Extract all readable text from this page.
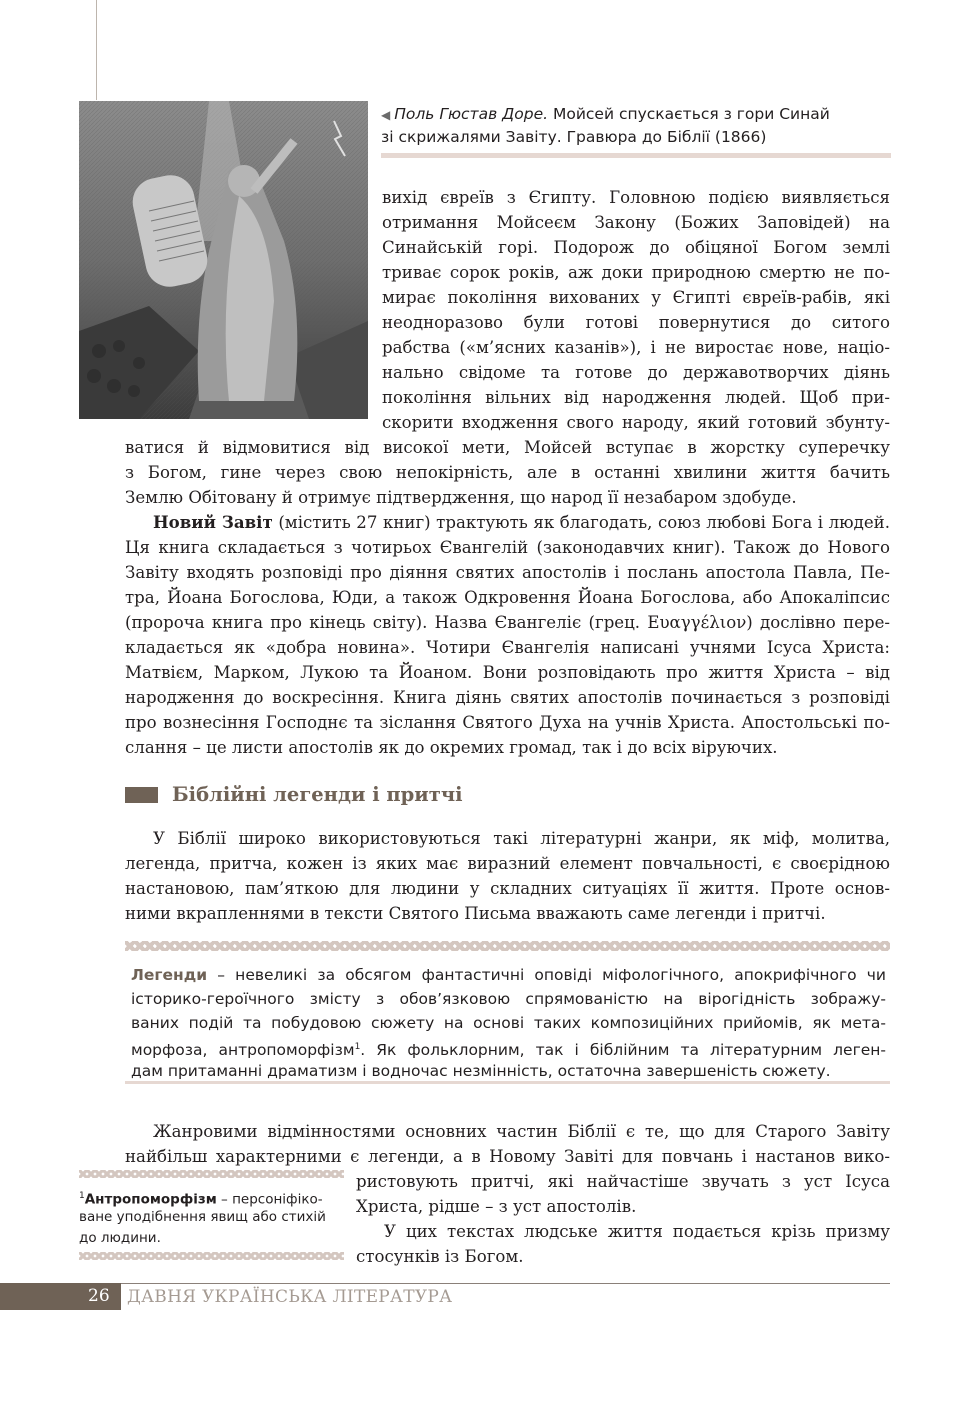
◀ Поль Гюстав Доре. Мойсей спускається з гори Синай
зі скрижалями Завіту. Гравюра до Біблії (1866)
вихід євреїв з Єгипту. Головною подією виявляється
отримання Мойсеєм Закону (Божих Заповідей) на
Синайській горі. Подорож до обіцяної Богом землі
триває сорок років, аж доки природною смертю не по-
мирає покоління вихованих у Єгипті євреїв-рабів, які
неодноразово були готові повернутися до ситого
рабства («м’ясних казанів»), і не виростає нове, націо-
нально свідоме та готове до державотворчих діянь
покоління вільних від народження людей. Щоб при-
скорити входження свого народу, який готовий збунту-
ватися й відмовитися від високої мети, Мойсей вступає в жорстку суперечку
з Богом, гине через свою непокірність, але в останні хвилини життя бачить
Землю Обітовану й отримує підтвердження, що народ її незабаром здобуде.
Новий Завіт (містить 27 книг) трактують як благодать, союз любові Бога і людей.
Ця книга складається з чотирьох Євангелій (законодавчих книг). Також до Нового
Завіту входять розповіді про діяння святих апостолів і послань апостола Павла, Пе-
тра, Йоана Богослова, Юди, а також Одкровення Йоана Богослова, або Апокаліпсис
(пророча книга про кінець світу). Назва Євангеліє (грец. Ευαγγέλιον) дослівно пере-
кладається як «добра новина». Чотири Євангелія написані учнями Ісуса Христа:
Матвієм, Марком, Лукою та Йоаном. Вони розповідають про життя Христа – від
народження до воскресіння. Книга діянь святих апостолів починається з розповіді
про вознесіння Господнє та зіслання Святого Духа на учнів Христа. Апостольські по-
слання – це листи апостолів як до окремих громад, так і до всіх віруючих.
Біблійні легенди і притчі
У Біблії широко використовуються такі літературні жанри, як міф, молитва,
легенда, притча, кожен із яких має виразний елемент повчальності, є своєрідною
настановою, пам’яткою для людини у складних ситуаціях її життя. Проте основ-
ними вкрапленнями в тексти Святого Письма вважають саме легенди і притчі.
Легенди – невеликі за обсягом фантастичні оповіді міфологічного, апокрифічного чи
історико-героїчного змісту з обов’язковою спрямованістю на вірогідність зображу-
ваних подій та побудовою сюжету на основі таких композиційних прийомів, як мета-
морфоза, антропоморфізм$^1$. Як фольклорним, так і біблійним та літературним леген-
дам притаманні драматизм і водночас незмінність, остаточна завершеність сюжету.
Жанровими відмінностями основних частин Біблії є те, що для Старого Завіту
найбільш характерними є легенди, а в Новому Завіті для повчань і настанов вико-
ристовують притчі, які найчастіше звучать з уст Ісуса
Христа, рідше – з уст апостолів.
У цих текстах людське життя подається крізь призму
стосунків із Богом.
$^1$Антропоморфізм – персоніфіко-
ване уподібнення явищ або стихій
до людини.
26 ДАВНЯ УКРАЇНСЬКА ЛІТЕРАТУРА
